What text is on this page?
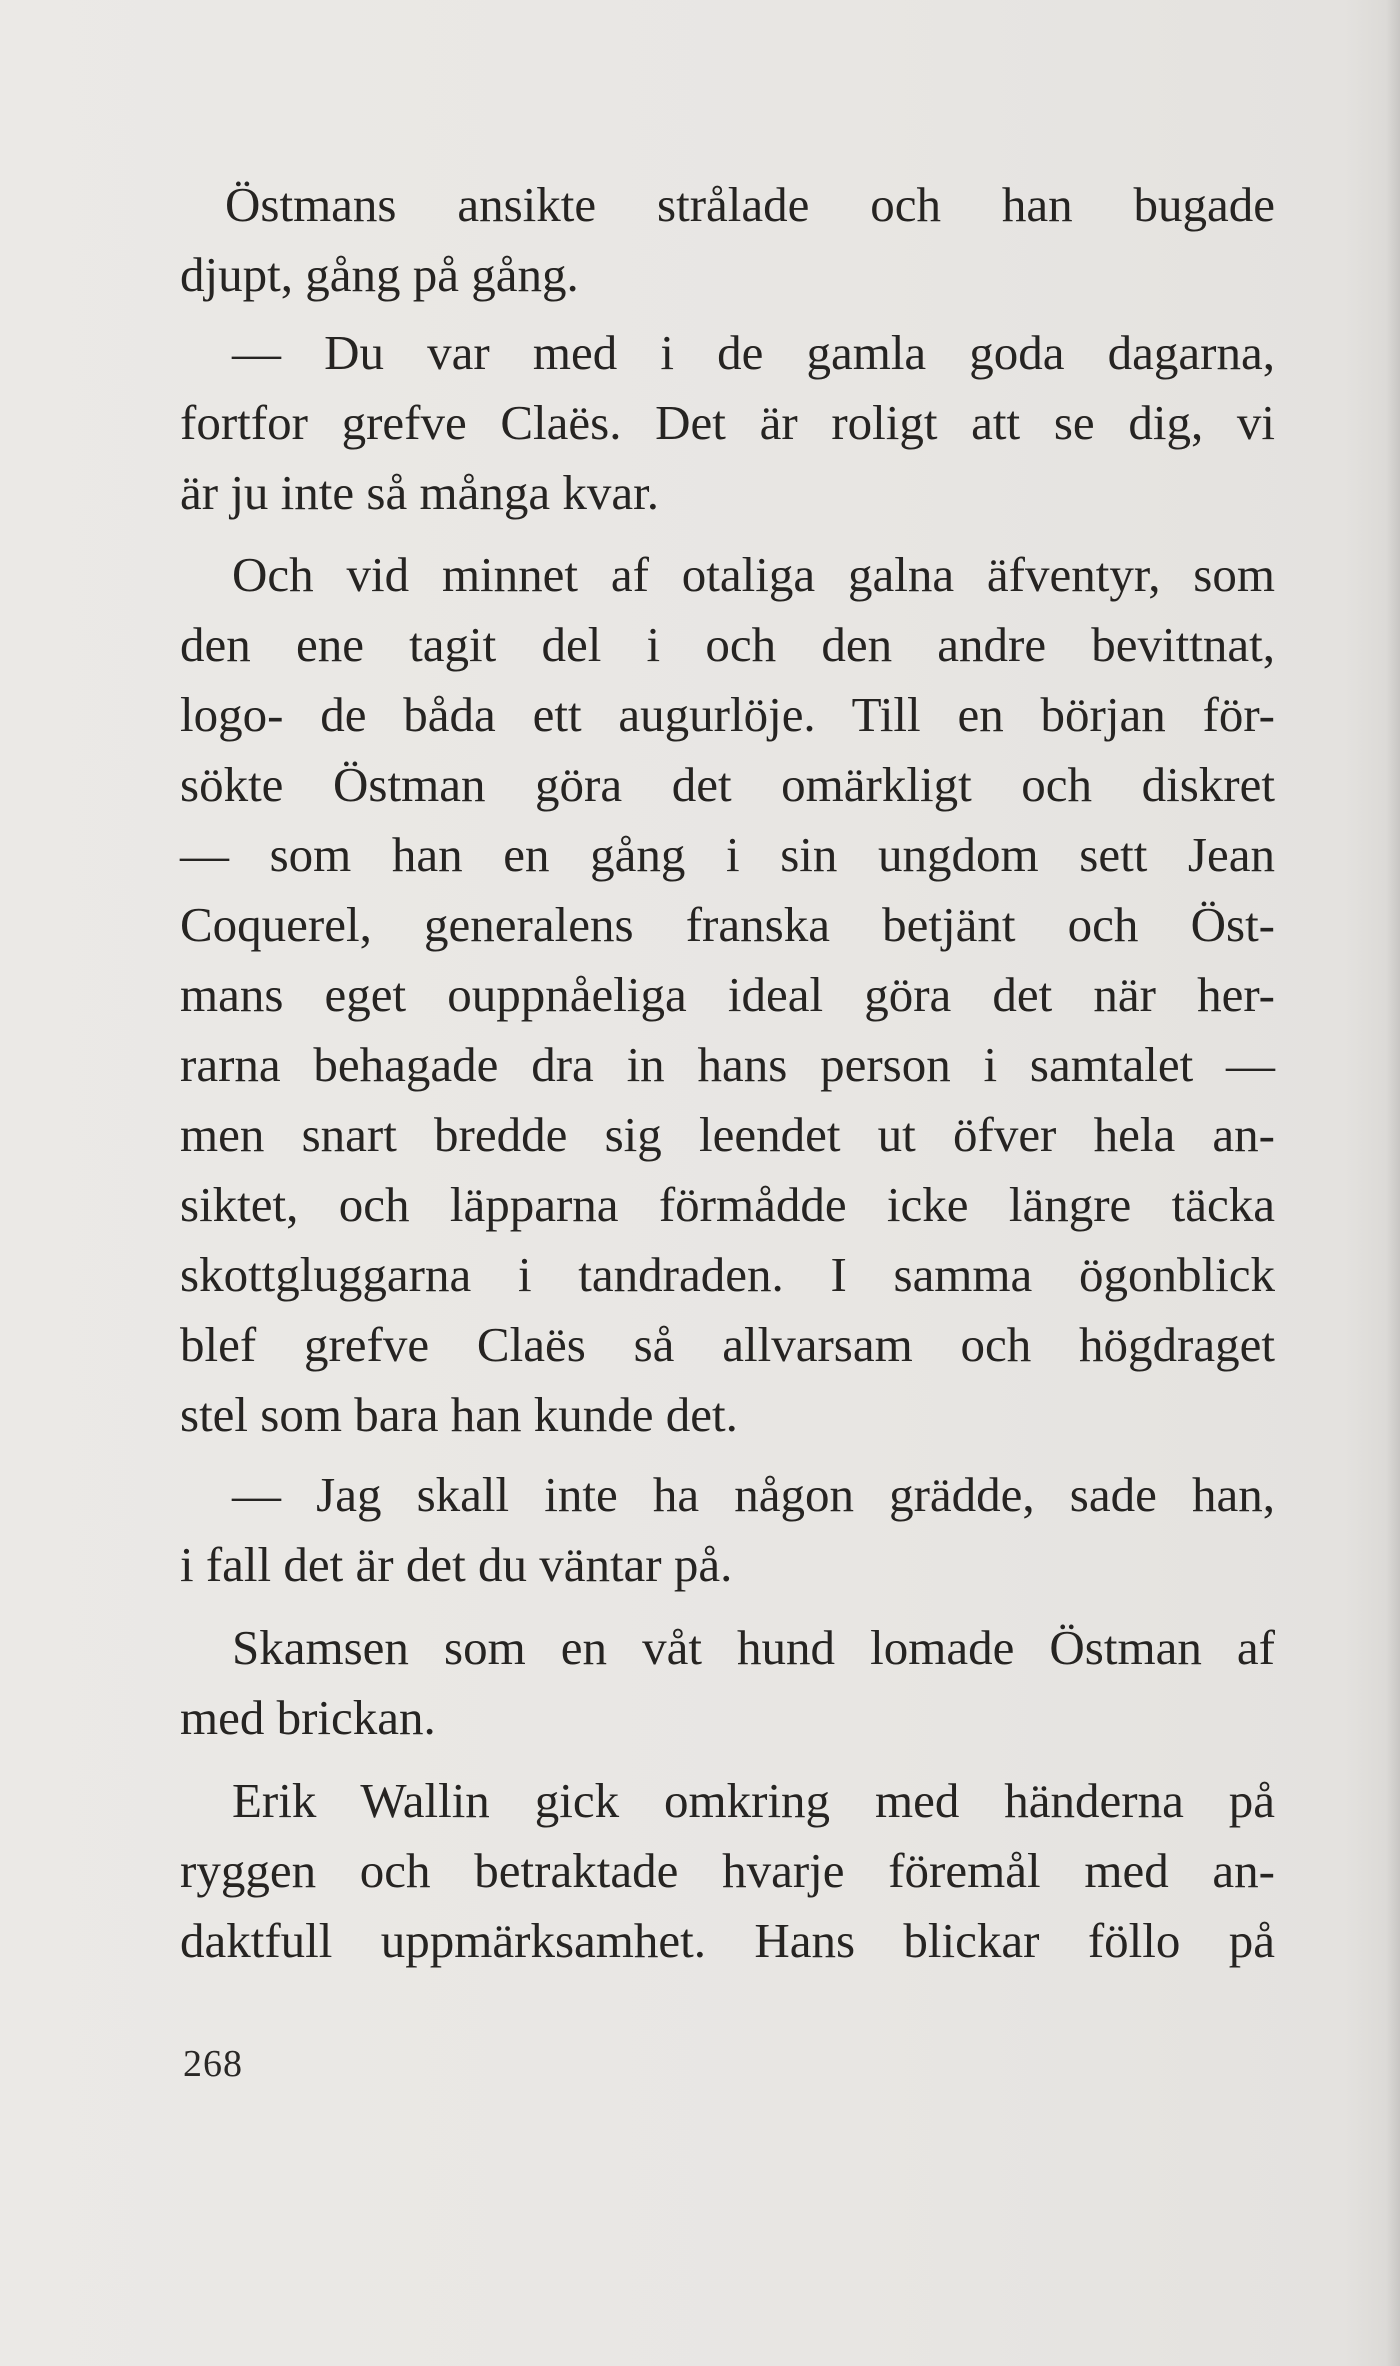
Östmans ansikte strålade och han bugade
djupt, gång på gång.
— Du var med i de gamla goda dagarna,
fortfor grefve Claës. Det är roligt att se dig, vi
är ju inte så många kvar.
Och vid minnet af otaliga galna äfventyr, som
den ene tagit del i och den andre bevittnat,
logo- de båda ett augurlöje. Till en början för-
sökte Östman göra det omärkligt och diskret
— som han en gång i sin ungdom sett Jean
Coquerel, generalens franska betjänt och Öst-
mans eget ouppnåeliga ideal göra det när her-
rarna behagade dra in hans person i samtalet —
men snart bredde sig leendet ut öfver hela an-
siktet, och läpparna förmådde icke längre täcka
skottgluggarna i tandraden. I samma ögonblick
blef grefve Claës så allvarsam och högdraget
stel som bara han kunde det.
— Jag skall inte ha någon grädde, sade han,
i fall det är det du väntar på.
Skamsen som en våt hund lomade Östman af
med brickan.
Erik Wallin gick omkring med händerna på
ryggen och betraktade hvarje föremål med an-
daktfull uppmärksamhet. Hans blickar föllo på
268
